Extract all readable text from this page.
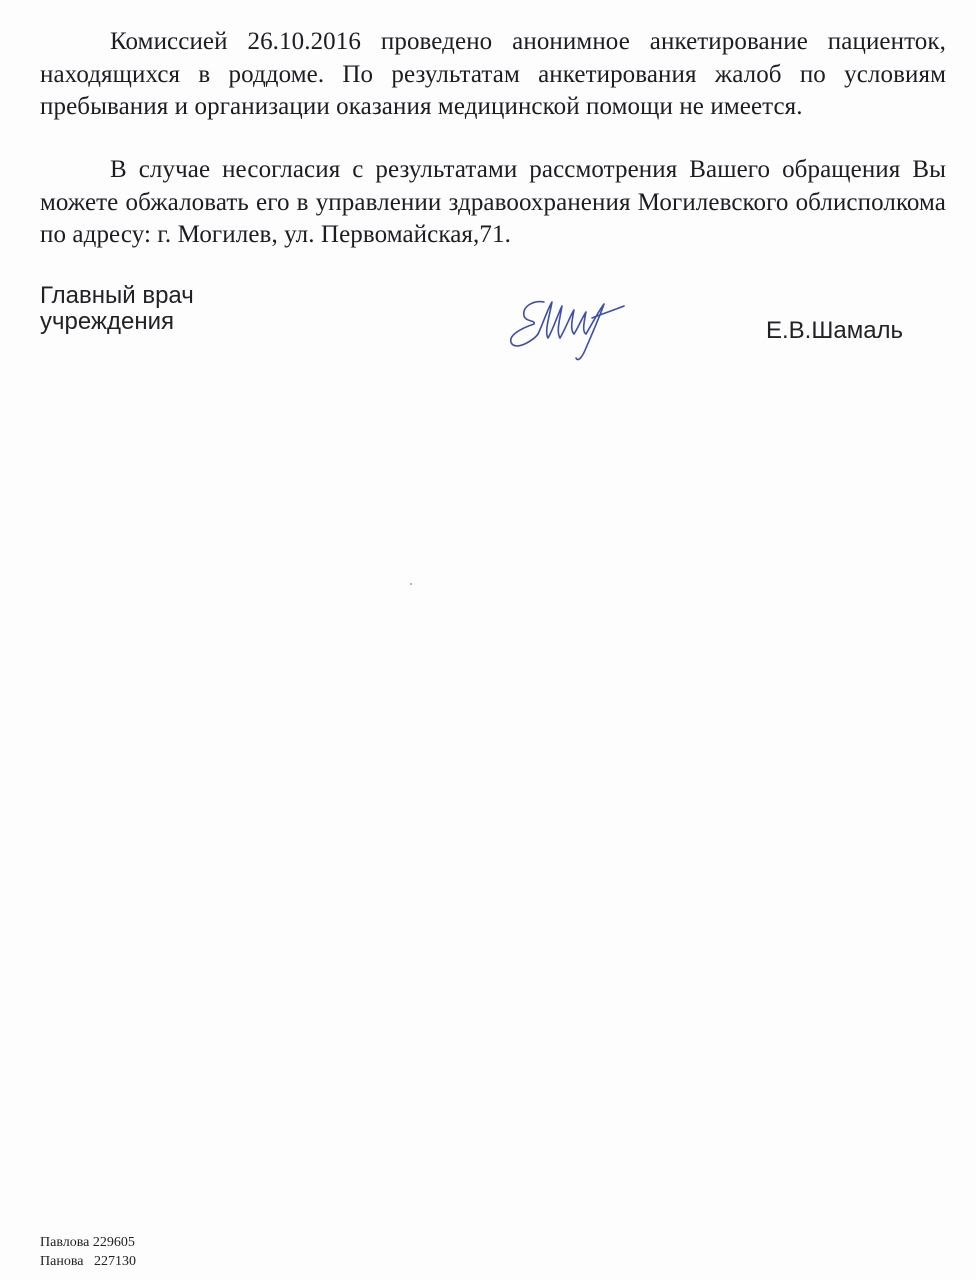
Комиссией 26.10.2016 проведено анонимное анкетирование пациенток, находящихся в роддоме. По результатам анкетирования жалоб по условиям пребывания и организации оказания медицинской помощи не имеется.

В случае несогласия с результатами рассмотрения Вашего обращения Вы можете обжаловать его в управлении здравоохранения Могилевского облисполкома по адресу: г. Могилев, ул. Первомайская,71.

Главный врач
учреждения	Е.В.Шамаль
Павлова 229605
Панова   227130
